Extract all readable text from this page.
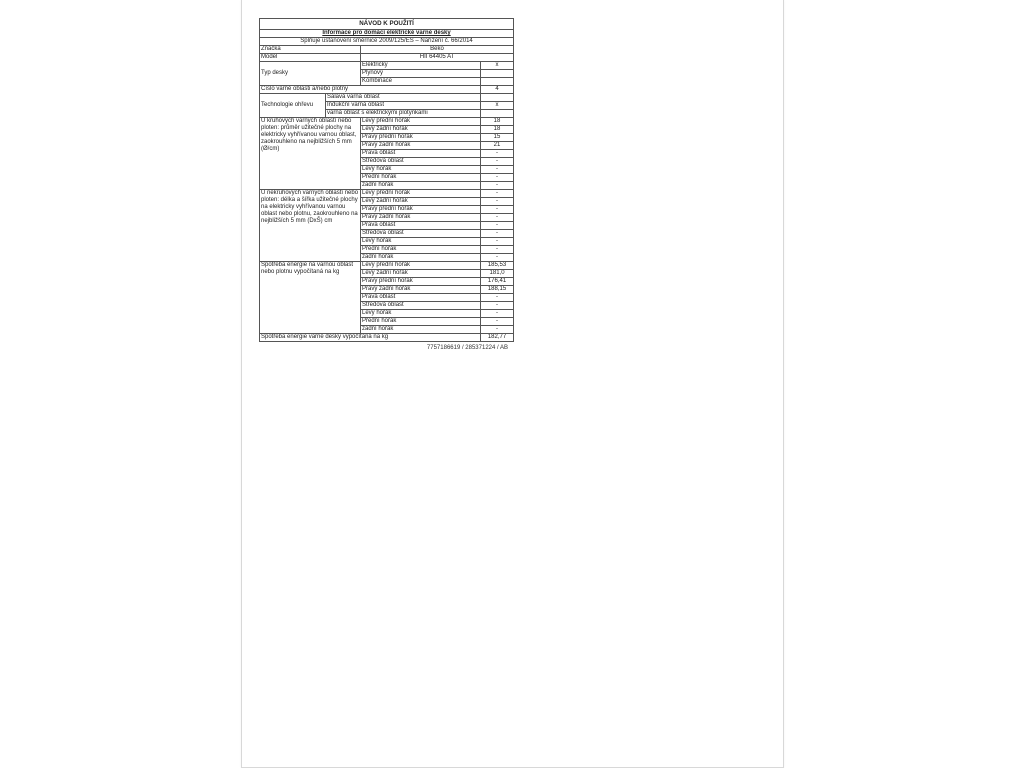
NÁVOD K POUŽITÍ			
Informace pro domácí elektrické varné desky			
Splňuje ustanovení směrnice 2009/125/ES – Nařízení č. 66/2014			
Značka		Beko	
Model		HII 64405 AT	
Typ desky		Elektrický	x
		Plynový	
		Kombinace	
Číslo varné oblasti a/nebo plotny			4
Technologie ohřevu	Sálavá varná oblast		
	Indukční varná oblast		x
	varná oblast s elektrickými plotýnkami		
U kruhových varných oblastí nebo ploten: průměr užitečné plochy na elektricky vyhřívanou varnou oblast, zaokrouhleno na nejbližších 5 mm (Ø/cm)		Levý přední hořák	18
		Levý zadní hořák	18
		Pravý přední hořák	15
		Pravý zadní hořák	21
		Pravá oblast	-
		Středová oblast	-
		Levý hořák	-
		Přední hořák	-
		zadní hořák	-
U nekruhových varných oblastí nebo ploten: délka a šířka užitečné plochy na elektricky vyhřívanou varnou oblast nebo plotnu, zaokrouhleno na nejbližších 5 mm (DxŠ) cm		Levý přední hořák	-
		Levý zadní hořák	-
		Pravý přední hořák	-
		Pravý zadní hořák	-
		Pravá oblast	-
		Středová oblast	-
		Levý hořák	-
		Přední hořák	-
		zadní hořák	-
Spotřeba energie na varnou oblast nebo plotnu vypočítaná na kg		Levý přední hořák	185,53
		Levý zadní hořák	181,0
		Pravý přední hořák	176,41
		Pravý zadní hořák	188,15
		Pravá oblast	-
		Středová oblast	-
		Levý hořák	-
		Přední hořák	-
		zadní hořák	-
Spotřeba energie varné desky vypočítaná na kg			182,77
7757186619 / 285371224 / AB
